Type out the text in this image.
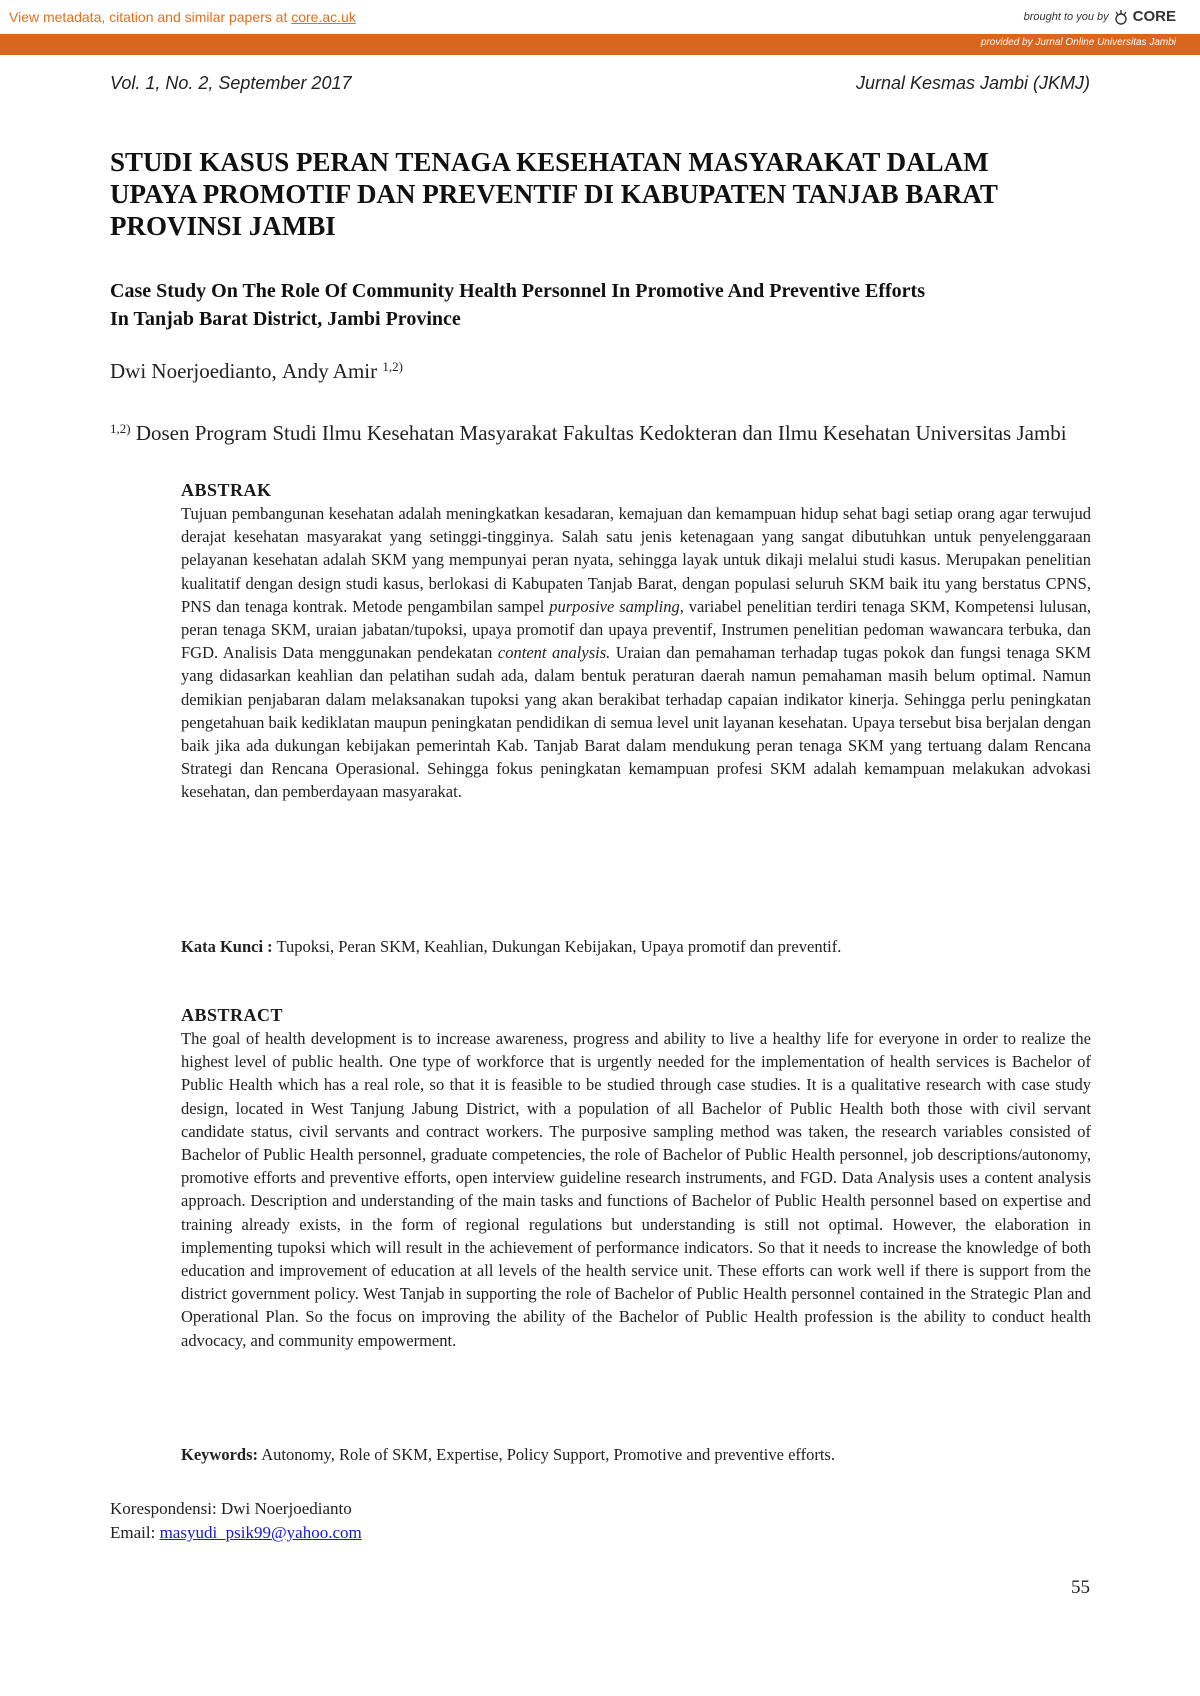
View metadata, citation and similar papers at core.ac.uk	brought to you by CORE
provided by Jurnal Online Universitas Jambi
Vol. 1, No. 2, September 2017	Jurnal Kesmas Jambi (JKMJ)
STUDI KASUS PERAN TENAGA KESEHATAN MASYARAKAT DALAM
UPAYA PROMOTIF DAN PREVENTIF DI KABUPATEN TANJAB BARAT
PROVINSI JAMBI
Case Study On The Role Of Community Health Personnel In Promotive And Preventive Efforts
In Tanjab Barat District, Jambi Province
Dwi Noerjoediantо, Andy Amir $^{1,2)}$
$^{1,2)}$ Dosen Program Studi Ilmu Kesehatan Masyarakat Fakultas Kedokteran dan Ilmu Kesehatan Universitas Jambi
ABSTRAK

Tujuan pembangunan kesehatan adalah meningkatkan kesadaran, kemajuan dan kemampuan hidup sehat bagi setiap orang agar terwujud derajat kesehatan masyarakat yang setinggi-tingginya. Salah satu jenis ketenagaan yang sangat dibutuhkan untuk penyelenggaraan pelayanan kesehatan adalah SKM yang mempunyai peran nyata, sehingga layak untuk dikaji melalui studi kasus. Merupakan penelitian kualitatif dengan design studi kasus, berlokasi di Kabupaten Tanjab Barat, dengan populasi seluruh SKM baik itu yang berstatus CPNS, PNS dan tenaga kontrak. Metode pengambilan sampel purposive sampling, variabel penelitian terdiri tenaga SKM, Kompetensi lulusan, peran tenaga SKM, uraian jabatan/tupoksi, upaya promotif dan upaya preventif, Instrumen penelitian pedoman wawancara terbuka, dan FGD. Analisis Data menggunakan pendekatan content analysis. Uraian dan pemahaman terhadap tugas pokok dan fungsi tenaga SKM yang didasarkan keahlian dan pelatihan sudah ada, dalam bentuk peraturan daerah namun pemahaman masih belum optimal. Namun demikian penjabaran dalam melaksanakan tupoksi yang akan berakibat terhadap capaian indikator kinerja. Sehingga perlu peningkatan pengetahuan baik kediklatan maupun peningkatan pendidikan di semua level unit layanan kesehatan. Upaya tersebut bisa berjalan dengan baik jika ada dukungan kebijakan pemerintah Kab. Tanjab Barat dalam mendukung peran tenaga SKM yang tertuang dalam Rencana Strategi dan Rencana Operasional. Sehingga fokus peningkatan kemampuan profesi SKM adalah kemampuan melakukan advokasi kesehatan, dan pemberdayaan masyarakat.

Kata Kunci : Tupoksi, Peran SKM, Keahlian, Dukungan Kebijakan, Upaya promotif dan preventif.
ABSTRACT

The goal of health development is to increase awareness, progress and ability to live a healthy life for everyone in order to realize the highest level of public health. One type of workforce that is urgently needed for the implementation of health services is Bachelor of Public Health which has a real role, so that it is feasible to be studied through case studies. It is a qualitative research with case study design, located in West Tanjung Jabung District, with a population of all Bachelor of Public Health both those with civil servant candidate status, civil servants and contract workers. The purposive sampling method was taken, the research variables consisted of Bachelor of Public Health personnel, graduate competencies, the role of Bachelor of Public Health personnel, job descriptions/autonomy, promotive efforts and preventive efforts, open interview guideline research instruments, and FGD. Data Analysis uses a content analysis approach. Description and understanding of the main tasks and functions of Bachelor of Public Health personnel based on expertise and training already exists, in the form of regional regulations but understanding is still not optimal. However, the elaboration in implementing tupoksi which will result in the achievement of performance indicators. So that it needs to increase the knowledge of both education and improvement of education at all levels of the health service unit. These efforts can work well if there is support from the district government policy. West Tanjab in supporting the role of Bachelor of Public Health personnel contained in the Strategic Plan and Operational Plan. So the focus on improving the ability of the Bachelor of Public Health profession is the ability to conduct health advocacy, and community empowerment.

Keywords: Autonomy, Role of SKM, Expertise, Policy Support, Promotive and preventive efforts.
Korespondensi: Dwi Noerjoedianto
Email: masyudi_psik99@yahoo.com
55
